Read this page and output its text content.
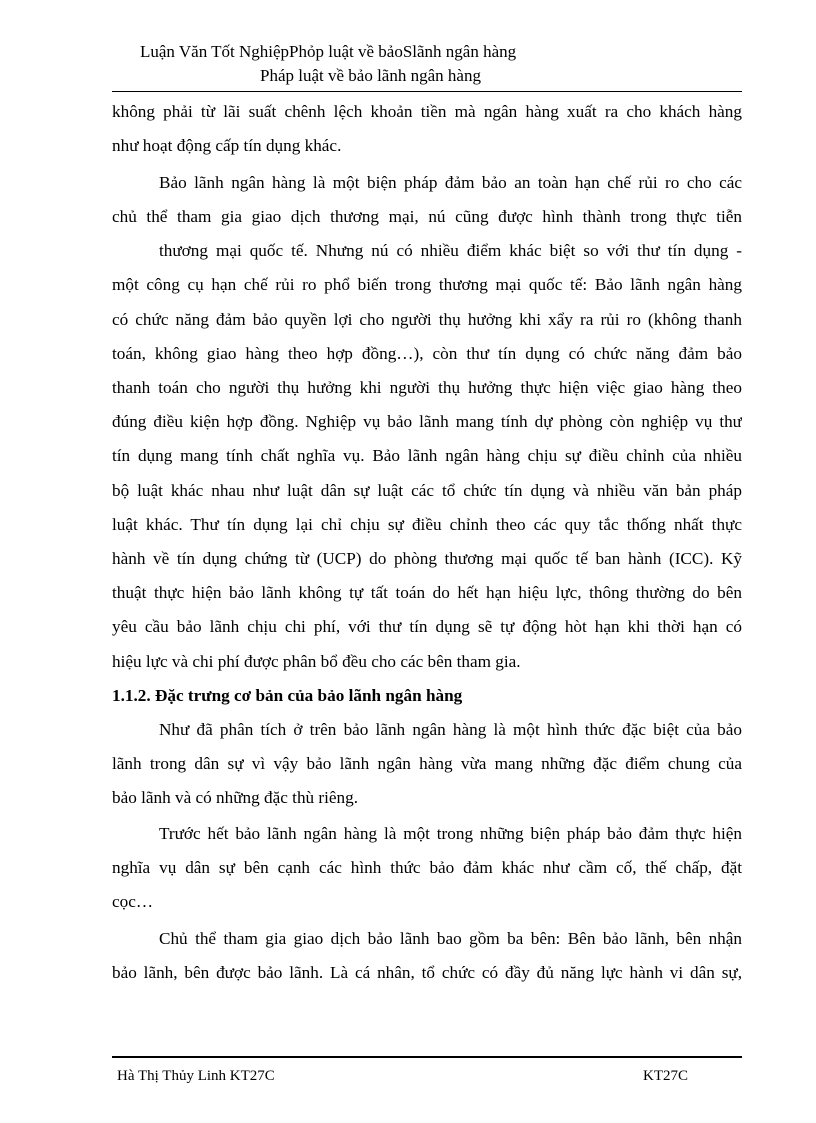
Luận Văn Tốt NghiệpPhỏp luật về bảoSlãnh ngân hàng
Pháp luật về bảo lãnh ngân hàng
không phải từ lãi suất chênh lệch khoản tiền mà ngân hàng xuất ra cho khách hàng
như hoạt động cấp tín dụng khác.
Bảo lãnh ngân hàng là một biện pháp đảm bảo an toàn hạn chế rủi ro cho các
chủ thể tham gia giao dịch thương mại, nú cũng được hình thành trong thực tiễn
thương mại quốc tế. Nhưng nú có nhiều điểm khác biệt so với thư tín dụng -
một công cụ hạn chế rủi ro phổ biến trong thương mại quốc tế: Bảo lãnh ngân hàng
có chức năng đảm bảo quyền lợi cho người thụ hưởng khi xẩy ra rủi ro (không thanh
toán, không giao hàng theo hợp đồng…), còn thư tín dụng có chức năng đảm bảo
thanh toán cho người thụ hưởng khi người thụ hưởng thực hiện việc giao hàng theo
đúng điều kiện hợp đồng. Nghiệp vụ bảo lãnh mang tính dự phòng còn nghiệp vụ thư
tín dụng mang tính chất nghĩa vụ. Bảo lãnh ngân hàng chịu sự điều chỉnh của nhiều
bộ luật khác nhau như luật dân sự luật các tổ chức tín dụng và nhiều văn bản pháp
luật khác. Thư tín dụng lại chỉ chịu sự điều chỉnh theo các quy tắc thống nhất thực
hành về tín dụng chứng từ (UCP) do phòng thương mại quốc tế ban hành (ICC). Kỹ
thuật thực hiện bảo lãnh không tự tất toán do hết hạn hiệu lực, thông thường do bên
yêu cầu bảo lãnh chịu chi phí, với thư tín dụng sẽ tự động hòt hạn khi thời hạn có
hiệu lực và chi phí được phân bổ đều cho các bên tham gia.
1.1.2. Đặc trưng cơ bản của bảo lãnh ngân hàng
Như đã phân tích ở trên bảo lãnh ngân hàng là một hình thức đặc biệt của bảo
lãnh trong dân sự vì vậy bảo lãnh ngân hàng vừa mang những đặc điểm chung của
bảo lãnh và có những đặc thù riêng.
Trước hết bảo lãnh ngân hàng là một trong những biện pháp bảo đảm thực hiện
nghĩa vụ dân sự bên cạnh các hình thức bảo đảm khác như cầm cố, thế chấp, đặt
cọc…
Chủ thể tham gia giao dịch bảo lãnh bao gồm ba bên: Bên bảo lãnh, bên nhận
bảo lãnh, bên được bảo lãnh. Là cá nhân, tổ chức có đầy đủ năng lực hành vi dân sự,
Hà Thị Thủy Linh KT27C	KT27C
